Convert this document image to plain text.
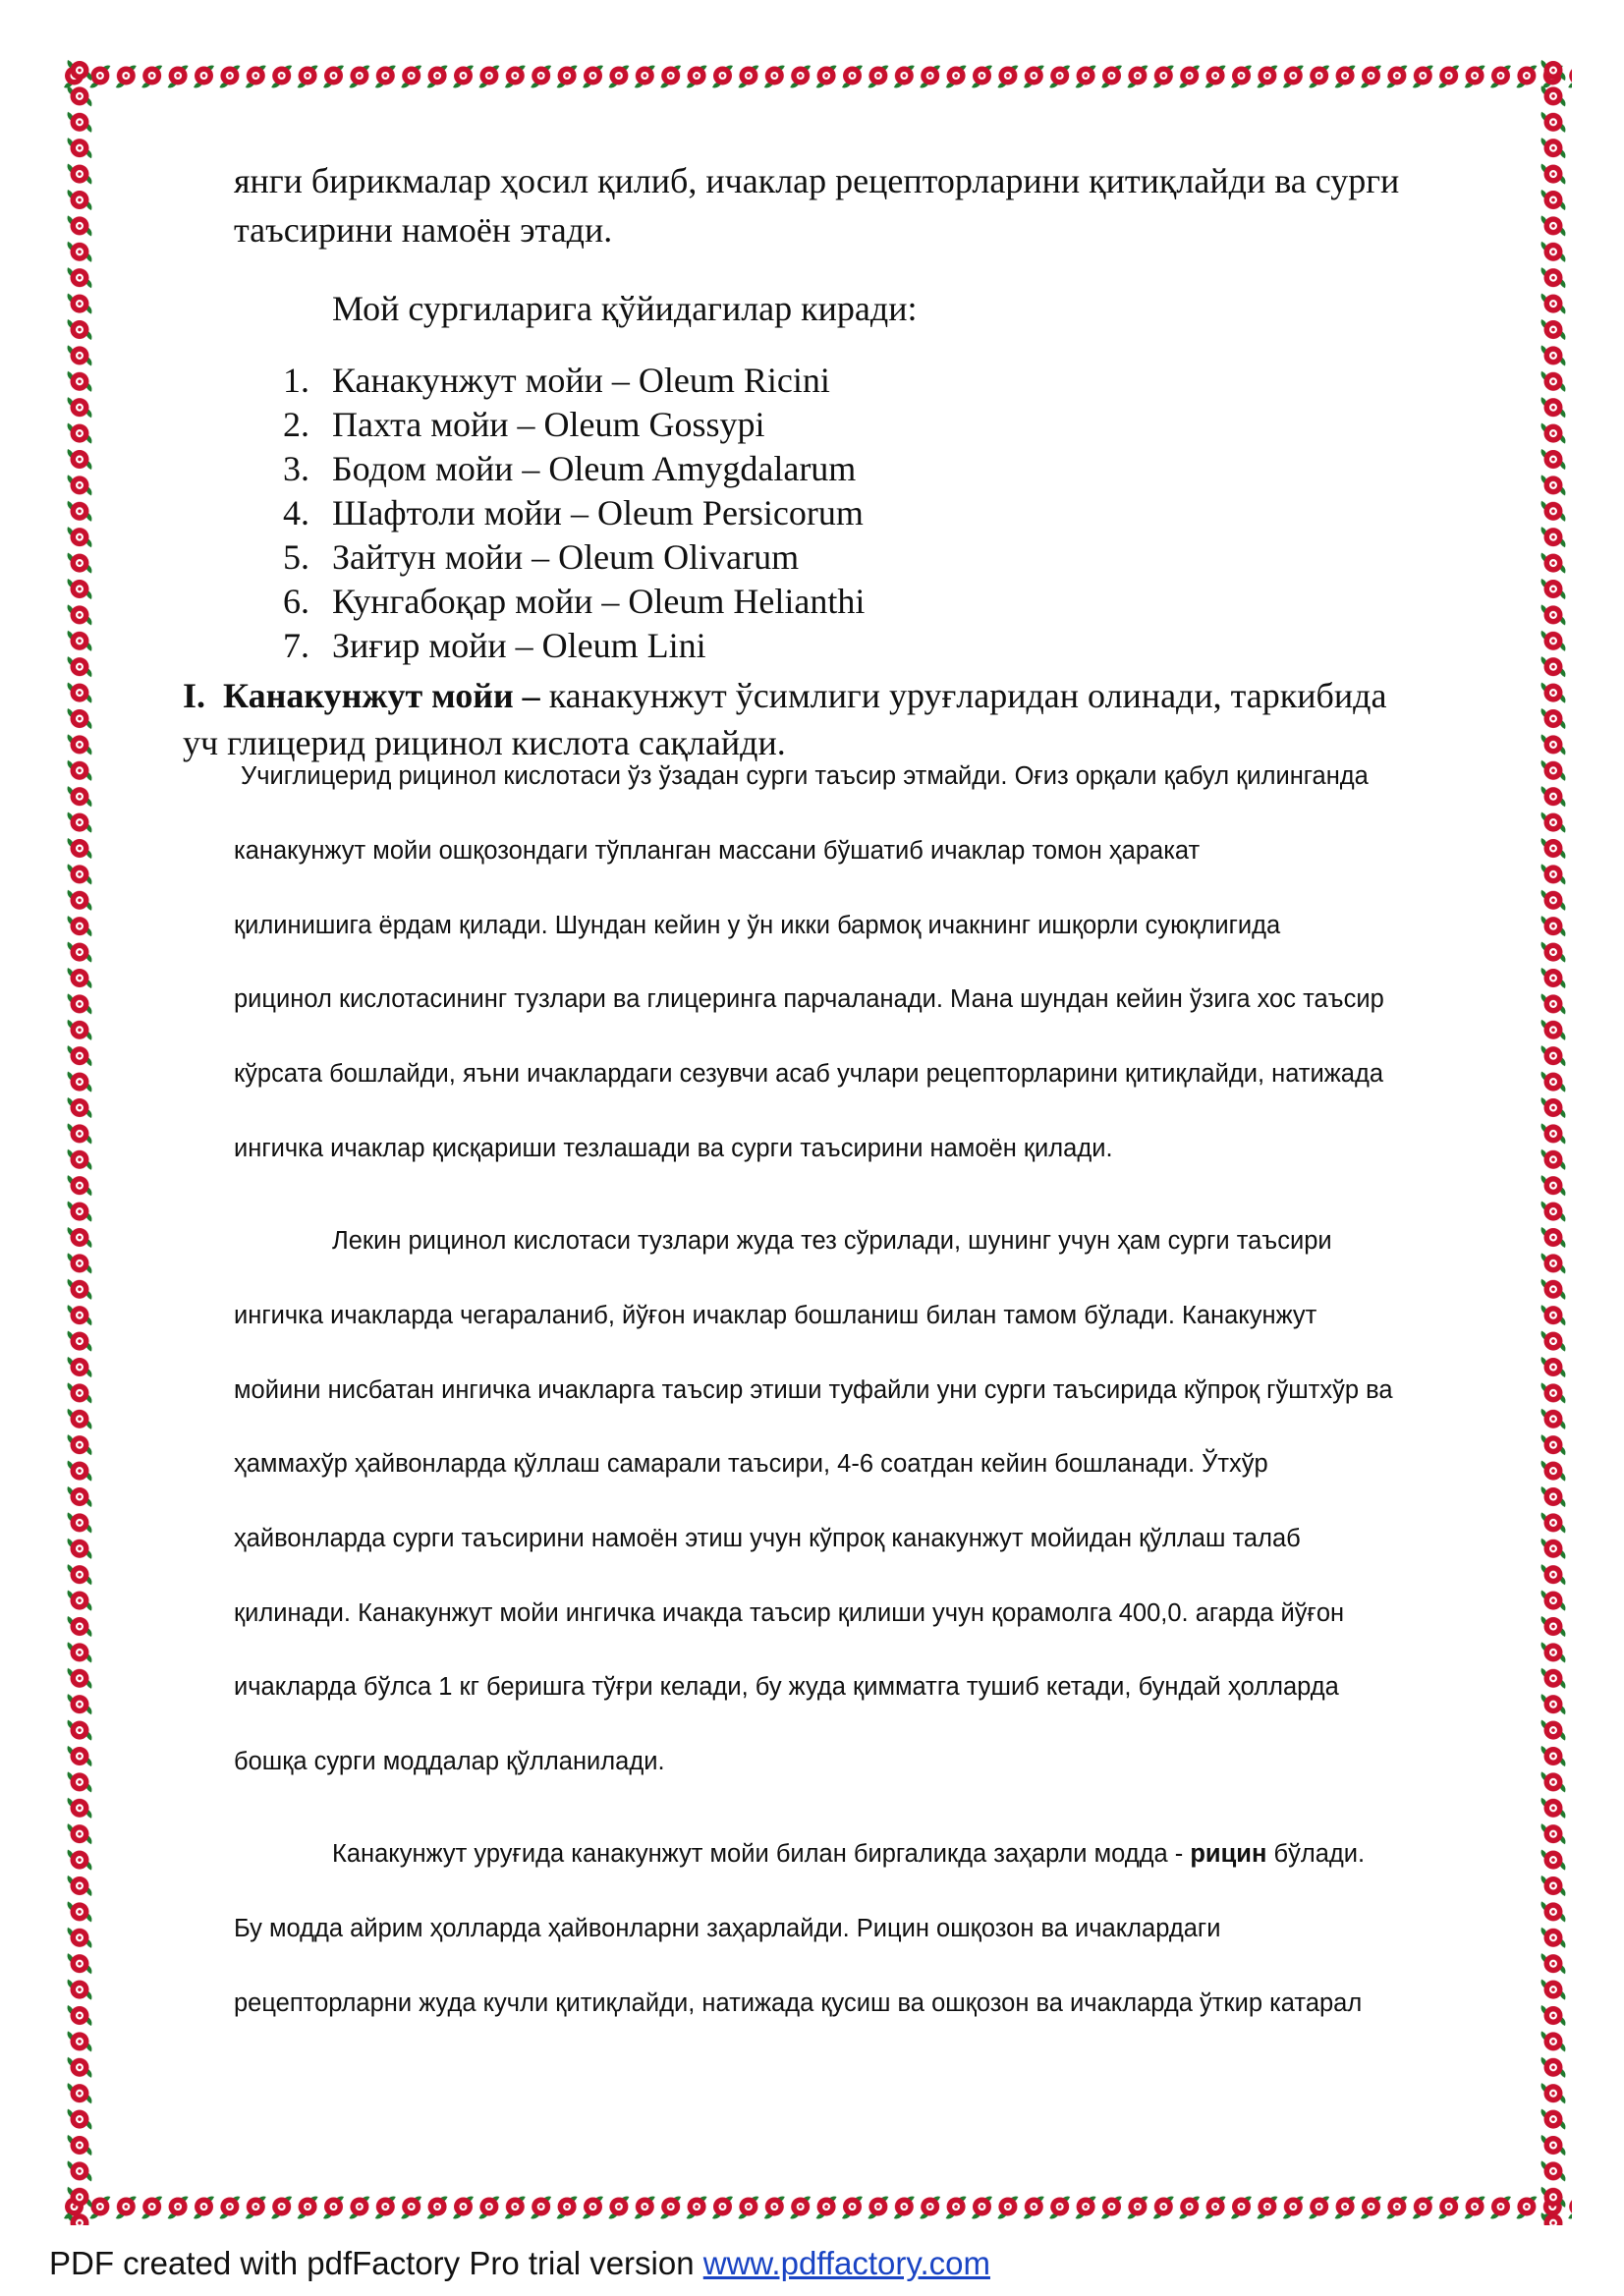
янги бирикмалар ҳосил қилиб, ичаклар рецепторларини қитиқлайди ва сурги

таъсирини намоён этади.

Мой сургиларига қўйидагилар киради:

1. Канакунжут мойи – Oleum Ricini
2. Пахта мойи – Oleum Gossypi
3. Бодом мойи – Oleum Amygdalarum
4. Шафтоли мойи – Oleum Persicorum
5. Зайтун мойи – Oleum Olivarum
6. Кунгабоқар мойи – Oleum Helianthi
7. Зиғир мойи – Oleum Lini

I. Канакунжут мойи – канакунжут ўсимлиги уруғларидан олинади, таркибида

уч глицерид рицинол кислота сақлайди.

Учиглицерид рицинол кислотаси ўз ўзадан сурги таъсир этмайди. Оғиз орқали қабул қилинганда

канакунжут мойи ошқозондаги тўпланган массани бўшатиб ичаклар томон ҳаракат

қилинишига ёрдам қилади. Шундан кейин у ўн икки бармоқ ичакнинг ишқорли суюқлигида

рицинол кислотасининг тузлари ва глицеринга парчаланади. Мана шундан кейин ўзига хос таъсир

кўрсата бошлайди, яъни ичаклардаги сезувчи асаб учлари рецепторларини қитиқлайди, натижада

ингичка ичаклар қисқариши тезлашади ва сурги таъсирини намоён қилади.

Лекин рицинол кислотаси тузлари жуда тез сўрилади, шунинг учун ҳам сурги таъсири

ингичка ичакларда чегараланиб, йўғон ичаклар бошланиш билан тамом бўлади. Канакунжут

мойини нисбатан ингичка ичакларга таъсир этиши туфайли уни сурги таъсирида кўпроқ гўштхўр ва

ҳаммахўр ҳайвонларда қўллаш самарали таъсири, 4-6 соатдан кейин бошланади. Ўтхўр

ҳайвонларда сурги таъсирини намоён этиш учун кўпроқ канакунжут мойидан қўллаш талаб

қилинади. Канакунжут мойи ингичка ичакда таъсир қилиши учун қорамолга 400,0. агарда йўғон

ичакларда бўлса 1 кг беришга тўғри келади, бу жуда қимматга тушиб кетади, бундай ҳолларда

бошқа сурги моддалар қўлланилади.

Канакунжут уруғида канакунжут мойи билан биргаликда заҳарли модда - рицин бўлади.

Бу модда айрим ҳолларда ҳайвонларни заҳарлайди. Рицин ошқозон ва ичаклардаги

рецепторларни жуда кучли қитиқлайди, натижада қусиш ва ошқозон ва ичакларда ўткир катарал

PDF created with pdfFactory Pro trial version www.pdffactory.com
